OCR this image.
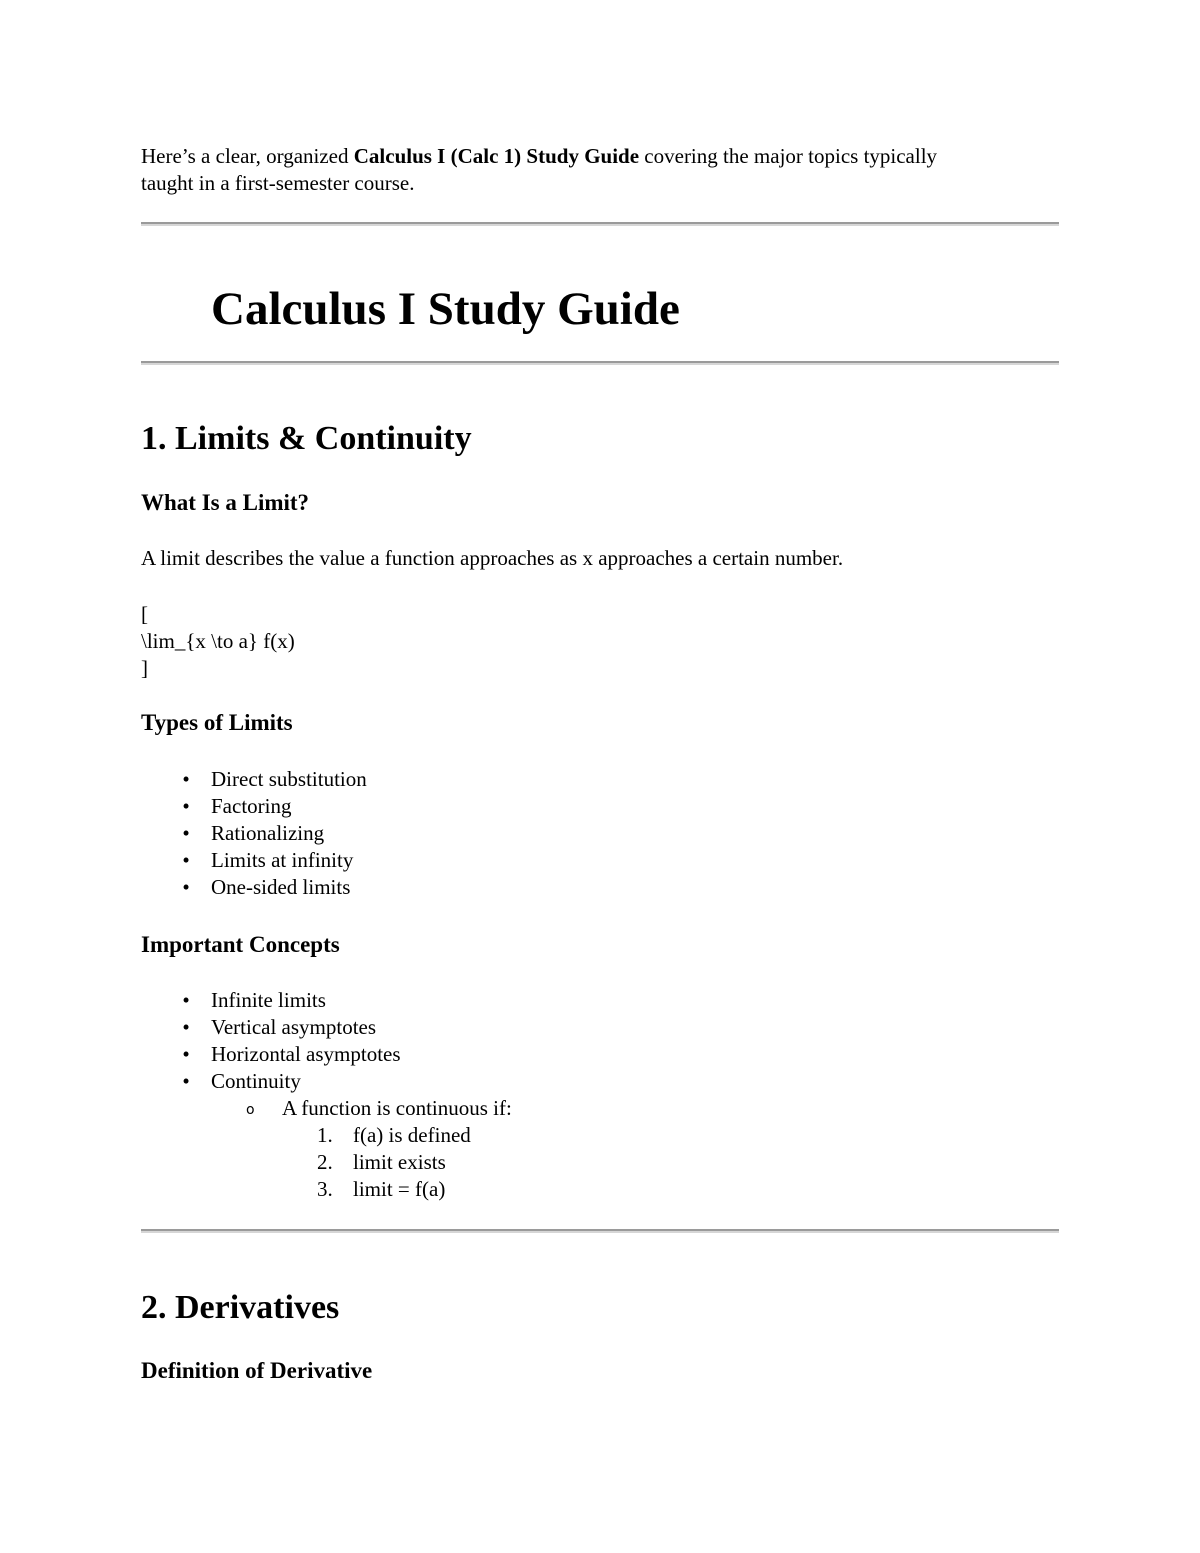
Here’s a clear, organized Calculus I (Calc 1) Study Guide covering the major topics typically
taught in a first-semester course.

Calculus I Study Guide
1. Limits & Continuity
What Is a Limit?

A limit describes the value a function approaches as x approaches a certain number.

[
\lim_{x \to a} f(x)
]
Types of Limits
•	Direct substitution
•	Factoring
•	Rationalizing
•	Limits at infinity
•	One-sided limits
Important Concepts
•	Infinite limits
•	Vertical asymptotes
•	Horizontal asymptotes
•	Continuity
o A function is continuous if:
1. f(a) is defined
2. limit exists
3. limit = f(a)
2. Derivatives
Definition of Derivative
